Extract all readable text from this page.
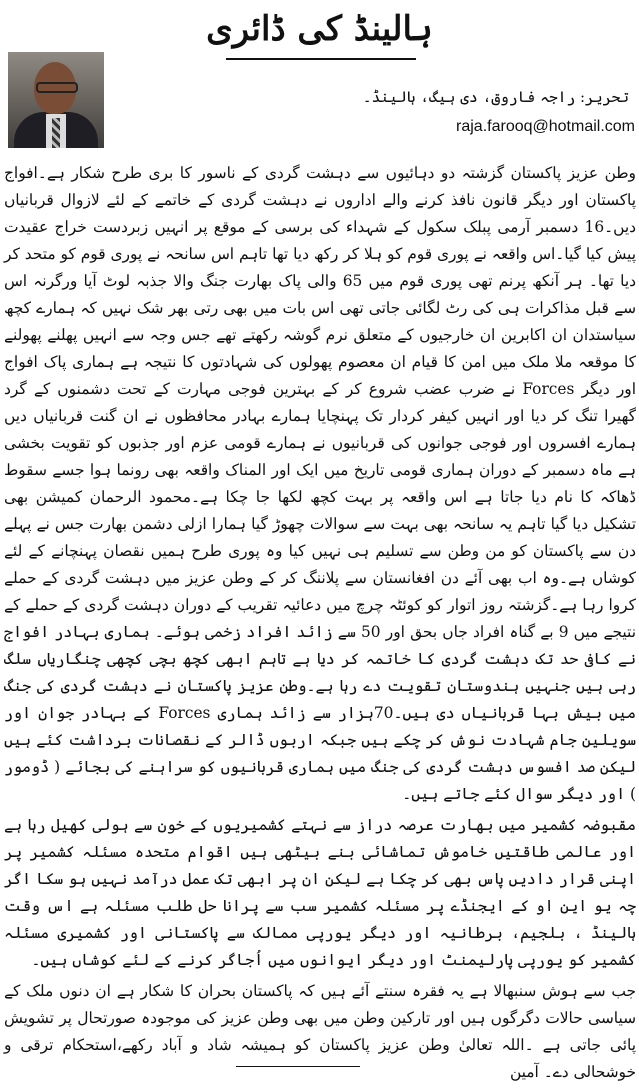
ہالینڈ کی ڈائری
تحریر: راجہ فاروق، دی ہیگ، ہالینڈ۔
raja.farooq@hotmail.com

وطن عزیز پاکستان گزشتہ دو دہائیوں سے دہشت گردی کے ناسور کا بری طرح شکار ہے۔افواج پاکستان اور دیگر قانون نافذ کرنے والے اداروں نے دہشت گردی کے خاتمے کے لئے لازوال قربانیاں دیں۔16 دسمبر آرمی پبلک سکول کے شہداء کی برسی کے موقع پر انہیں زبردست خراج عقیدت پیش کیا گیا۔اس واقعہ نے پوری قوم کو ہلا کر رکھ دیا تھا تاہم اس سانحہ نے پوری قوم کو متحد کر دیا تھا۔ ہر آنکھ پرنم تھی پوری قوم میں 65 والی پاک بھارت جنگ والا جذبہ لوٹ آیا ورگرنہ اس سے قبل مذاکرات ہی کی رٹ لگائی جاتی تھی اس بات میں بھی رتی بھر شک نہیں کہ ہمارے کچھ سیاستدان ان اکابرین ان خارجیوں کے متعلق نرم گوشہ رکھتے تھے جس وجہ سے انہیں پھلنے پھولنے کا موقعہ ملا ملک میں امن کا قیام ان معصوم پھولوں کی شہادتوں کا نتیجہ ہے ہماری پاک افواج اور دیگر Forces نے ضرب عضب شروع کر کے بہترین فوجی مہارت کے تحت دشمنوں کے گرد گھیرا تنگ کر دیا اور انہیں کیفر کردار تک پہنچایا ہمارے بہادر محافظوں نے ان گنت قربانیاں دیں ہمارے افسروں اور فوجی جوانوں کی قربانیوں نے ہمارے قومی عزم اور جذبوں کو تقویت بخشی ہے ماہ دسمبر کے دوران ہماری قومی تاریخ میں ایک اور المناک واقعہ بھی رونما ہوا جسے سقوط ڈھاکہ کا نام دیا جاتا ہے اس واقعہ پر بہت کچھ لکھا جا چکا ہے۔محمود الرحمان کمیشن بھی تشکیل دیا گیا تاہم یہ سانحہ بھی بہت سے سوالات چھوڑ گیا ہمارا ازلی دشمن بھارت جس نے پہلے دن سے پاکستان کو من وطن سے تسلیم ہی نہیں کیا وہ پوری طرح ہمیں نقصان پہنچانے کے لئے کوشاں ہے۔وہ اب بھی آئے دن افغانستان سے پلاننگ کر کے وطن عزیز میں دہشت گردی کے حملے کروا رہا ہے۔گزشتہ روز اتوار کو کوئٹہ چرچ میں دعائیہ تقریب کے دوران دہشت گردی کے حملے کے نتیجے میں 9 بے گناہ افراد جاں بحق اور 50 سے زائد افراد زخمی ہوئے۔ ہماری بہادر افواج نے کافی حد تک دہشت گردی کا خاتمہ کر دیا ہے تاہم ابھی کچھ بچی کچھی چنگاریاں سلگ رہی ہیں جنہیں ہندوستان تقویت دے رہا ہے۔وطن عزیز پاکستان نے دہشت گردی کی جنگ میں بیش بہا قربانیاں دی ہیں۔70ہزار سے زائد ہماری Forces کے بہادر جوان اور سویلین جام شہادت نوش کر چکے ہیں جبکہ اربوں ڈالر کے نقصانات برداشت کئے ہیں لیکن صد افسوس دہشت گردی کی جنگ میں ہماری قربانیوں کو سراہنے کی بجائے ( ڈومور ) اور دیگر سوال کئے جاتے ہیں۔

مقبوضہ کشمیر میں بھارت عرصہ دراز سے نہتے کشمیریوں کے خون سے ہولی کھیل رہا ہے اور عالمی طاقتیں خاموش تماشائی بنے بیٹھی ہیں اقوام متحدہ مسئلہ کشمیر پر اپنی قرار دادیں پاس بھی کر چکا ہے لیکن ان پر ابھی تک عمل درآمد نہیں ہو سکا اگر چہ یو این او کے ایجنڈے پر مسئلہ کشمیر سب سے پرانا حل طلب مسئلہ ہے اس وقت ہالینڈ ، بلجیم، برطانیہ اور دیگر یورپی ممالک سے پاکستانی اور کشمیری مسئلہ کشمیر کو یورپی پارلیمنٹ اور دیگر ایوانوں میں اُجاگر کرنے کے لئے کوشاں ہیں۔

جب سے ہوش سنبھالا ہے یہ فقرہ سنتے آئے ہیں کہ پاکستان بحران کا شکار ہے ان دنوں ملک کے سیاسی حالات دگرگوں ہیں اور تارکین وطن میں بھی وطن عزیز کی موجودہ صورتحال پر تشویش پائی جاتی ہے ۔اللہ تعالیٰ وطن عزیز پاکستان کو ہمیشہ شاد و آباد رکھے،استحکام ترقی و خوشحالی دے۔ آمین
